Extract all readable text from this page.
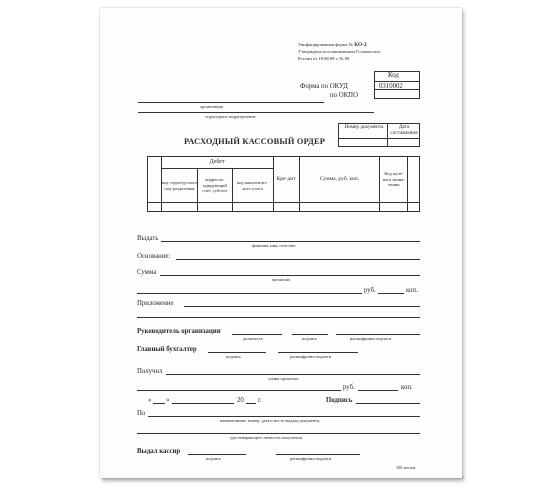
Унифицированная форма № КО-2
Утверждена постановлением Госкомстата
России от 18.08.98 г. № 88
Код
Форма по ОКУД	0310002
по ОКПО
организация
структурное подразделение
Номер документа	Дата составления
РАСХОДНЫЙ КАССОВЫЙ ОРДЕР
	Дебет			Кре-дит	Сумма, руб. коп.	Код целе-вого назна-чения	
	код структур-ного под-разделения	корреспо-ндирующий счет, субсчет	код аналитичес-кого учета				

Выдать
фамилия, имя, отчество
Основание:
Сумма
прописью
руб.	коп.
Приложение
Руководитель организации
должность	подпись	расшифровка подписи
Главный бухгалтер
подпись	расшифровка подписи
Получил
сумма прописью
руб.	коп.
« »	20 г.	Подпись
По
наименование, номер, дата и место выдачи документа,
удостоверяющего личность получателя
Выдал кассир
подпись	расшифровка подписи
100 листов
